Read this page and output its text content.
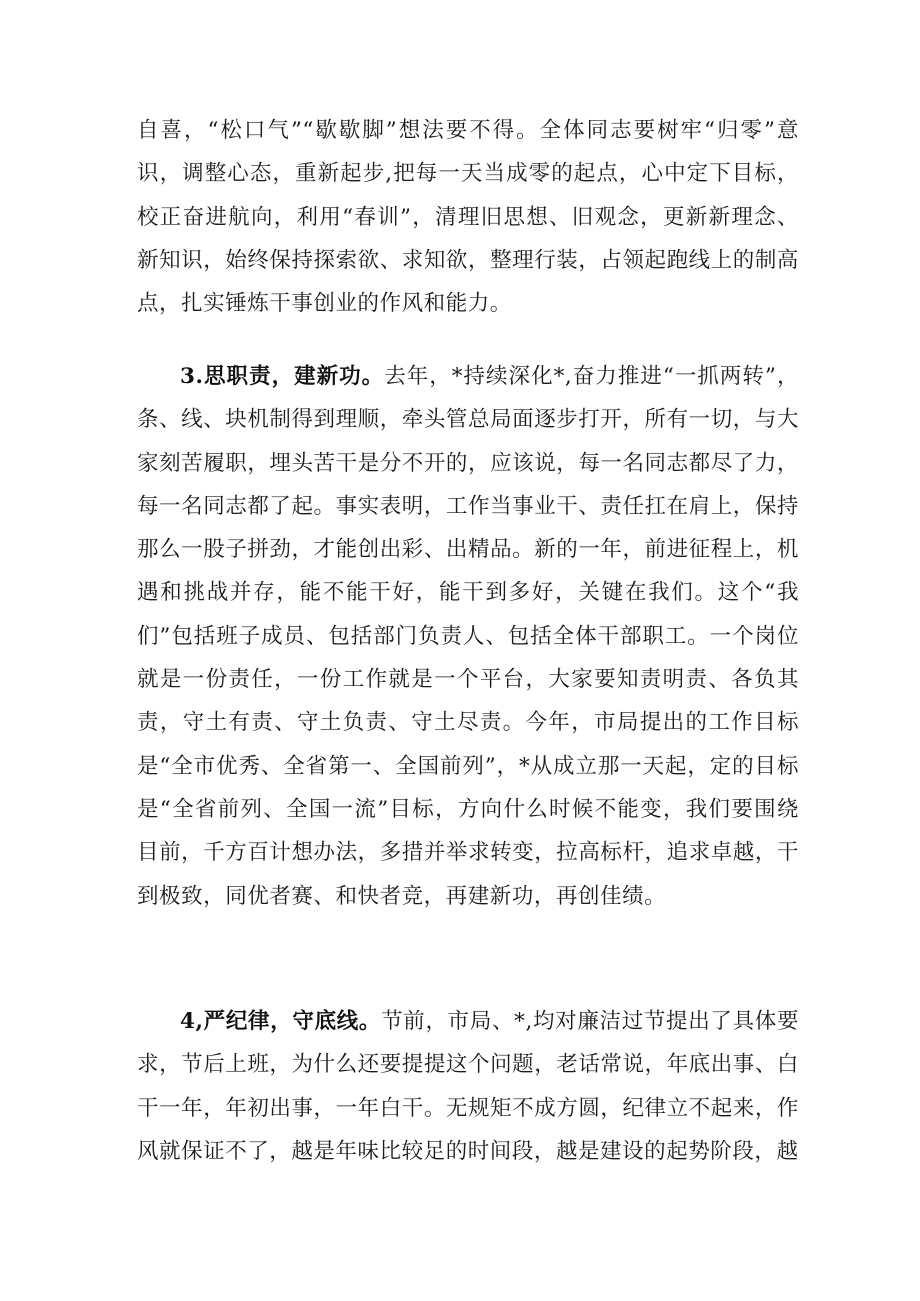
自喜，“松口气”“歇歇脚”想法要不得。全体同志要树牢“归零”意识，调整心态，重新起步,把每一天当成零的起点，心中定下目标，校正奋进航向，利用“春训”，清理旧思想、旧观念，更新新理念、新知识，始终保持探索欲、求知欲，整理行装，占领起跑线上的制高点，扎实锤炼干事创业的作风和能力。

3.思职责，建新功。去年，*持续深化*,奋力推进“一抓两转”，条、线、块机制得到理顺，牵头管总局面逐步打开，所有一切，与大家刻苦履职，埋头苦干是分不开的，应该说，每一名同志都尽了力，每一名同志都了起。事实表明，工作当事业干、责任扛在肩上，保持那么一股子拼劲，才能创出彩、出精品。新的一年，前进征程上，机遇和挑战并存，能不能干好，能干到多好，关键在我们。这个“我们”包括班子成员、包括部门负责人、包括全体干部职工。一个岗位就是一份责任，一份工作就是一个平台，大家要知责明责、各负其责，守土有责、守土负责、守土尽责。今年，市局提出的工作目标是“全市优秀、全省第一、全国前列”，*从成立那一天起，定的目标是“全省前列、全国一流”目标，方向什么时候不能变，我们要围绕目前，千方百计想办法，多措并举求转变，拉高标杆，追求卓越，干到极致，同优者赛、和快者竞，再建新功，再创佳绩。

4,严纪律，守底线。节前，市局、*,均对廉洁过节提出了具体要求，节后上班，为什么还要提提这个问题，老话常说，年底出事、白干一年，年初出事，一年白干。无规矩不成方圆，纪律立不起来，作风就保证不了，越是年味比较足的时间段，越是建设的起势阶段，越
